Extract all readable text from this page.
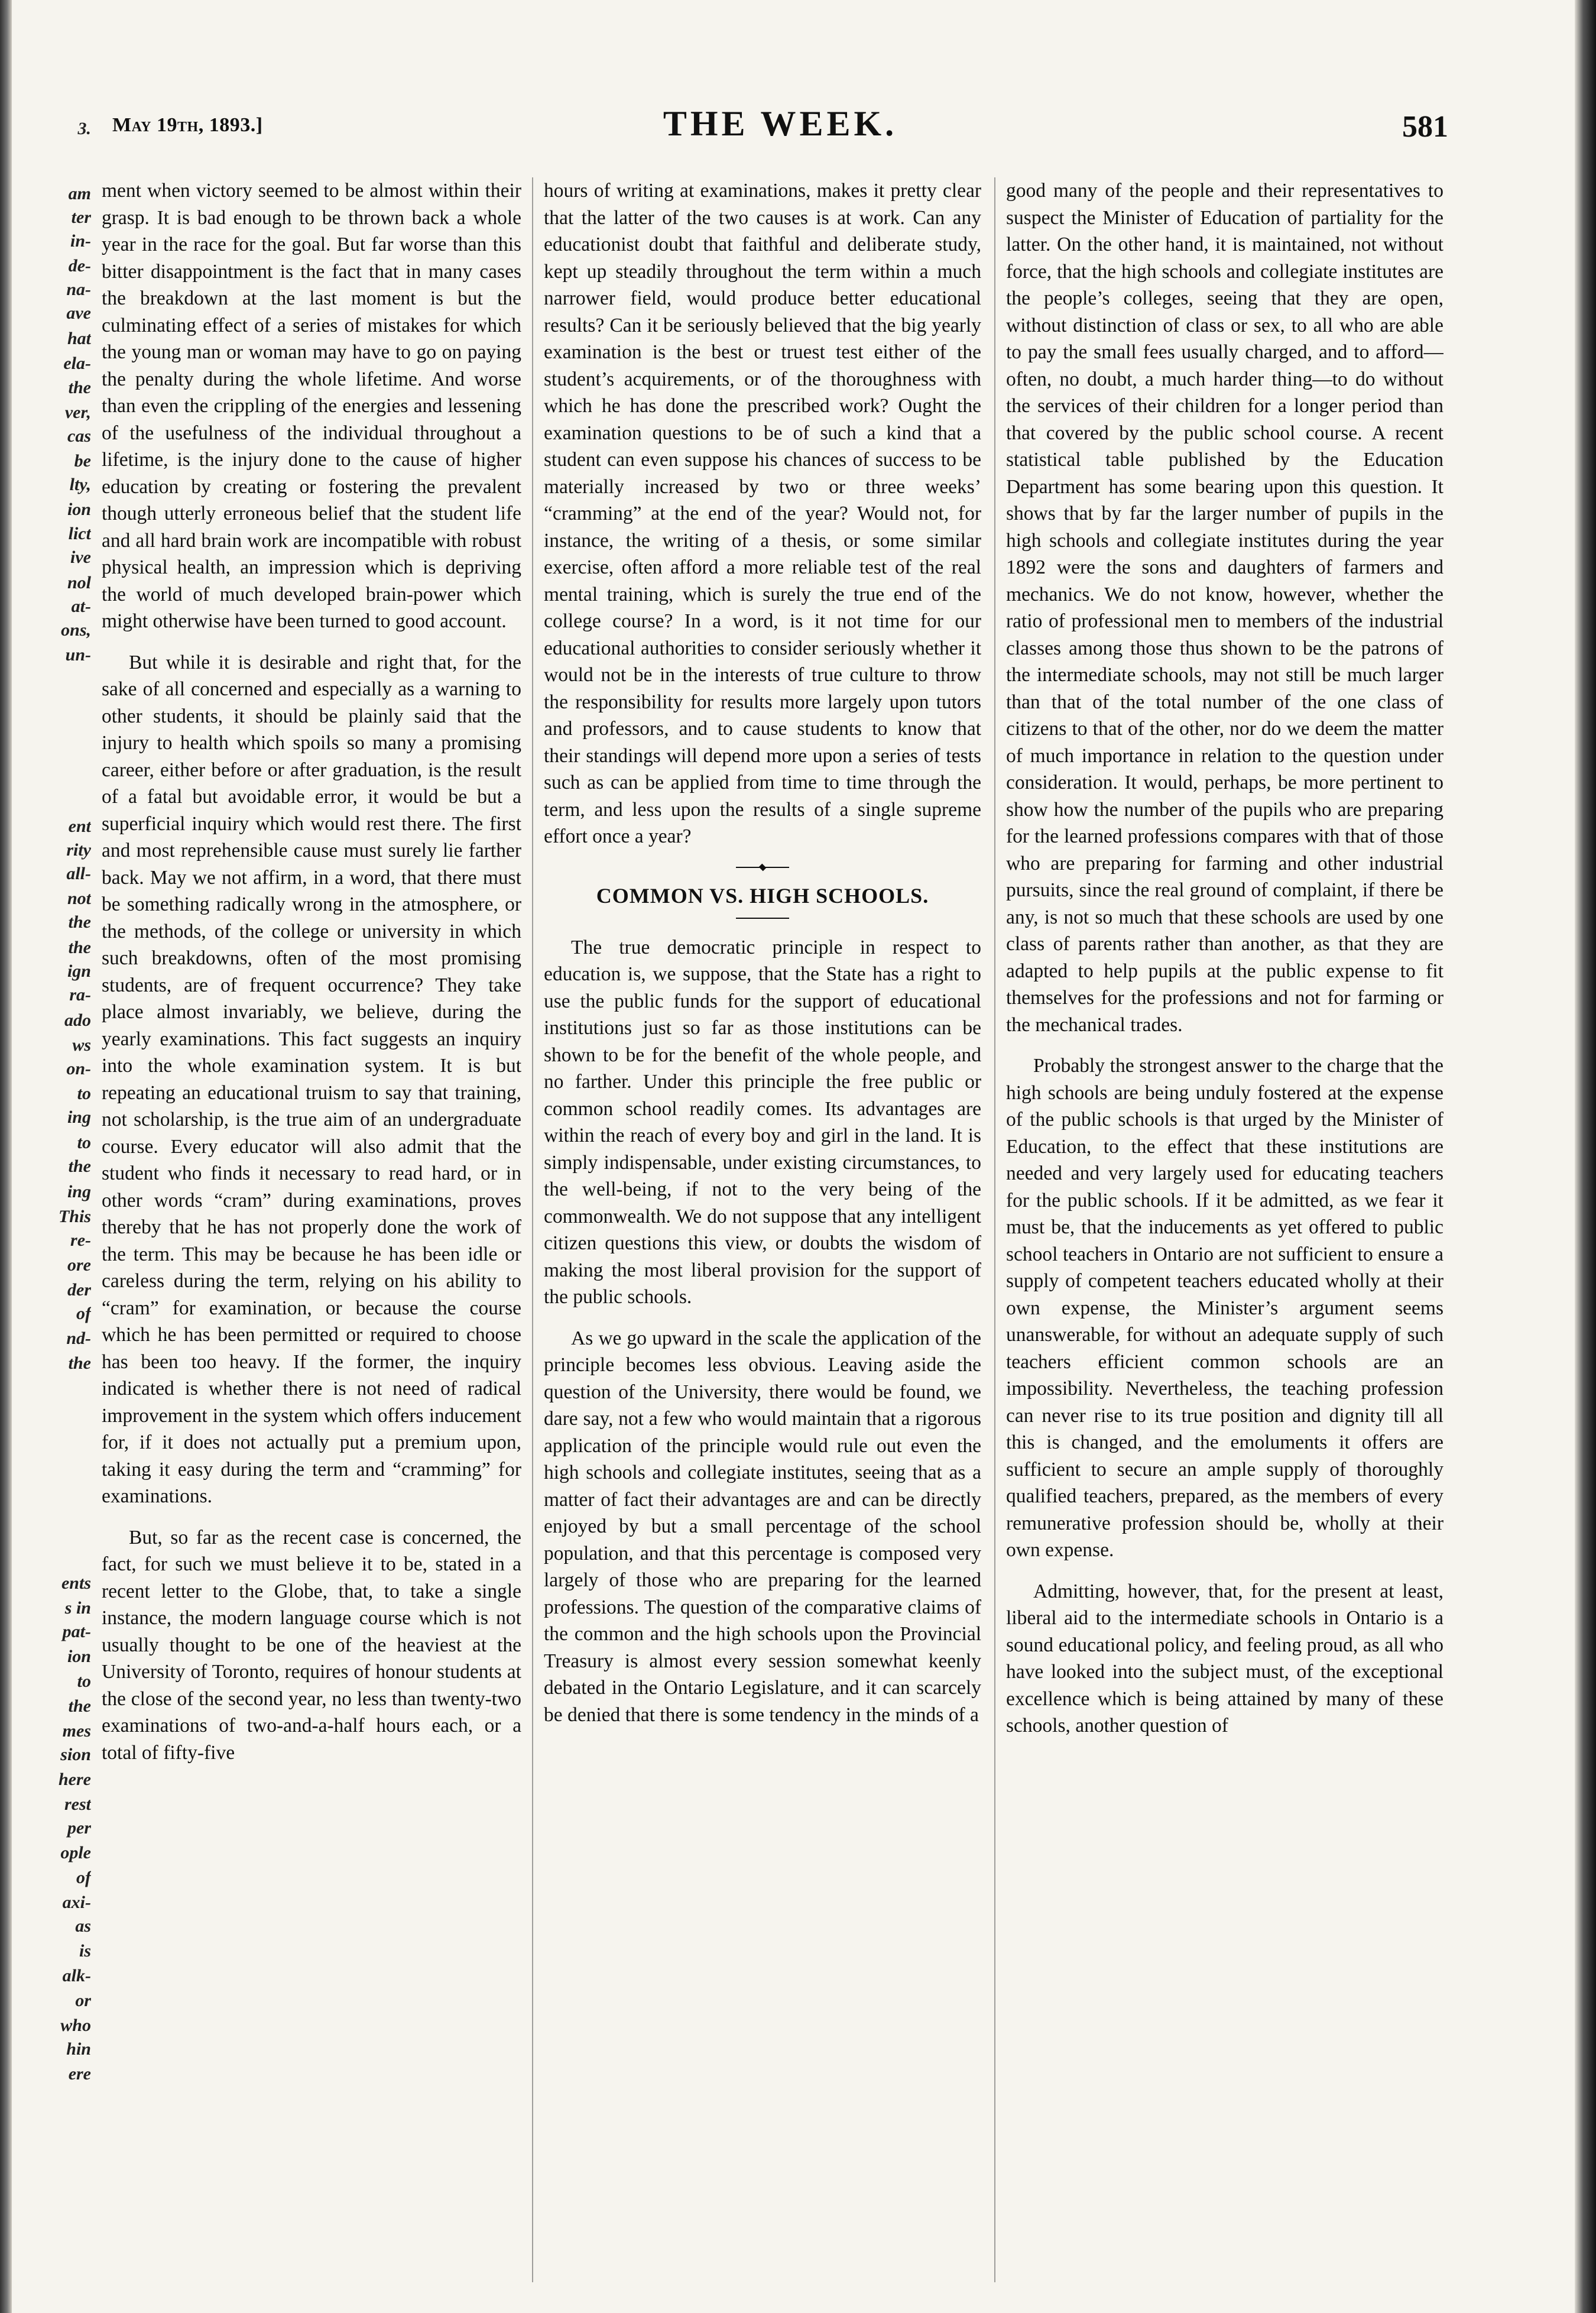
3.
am
ter
in-
de-
na-
ave
hat
ela-
the
ver,
cas
be
lty,
ion
lict
ive
nol
at-
ons,
un-
ent
rity
all-
not
the
the
ign
ra-
ado
ws
on-
to
ing
to
the
ing
This
re-
ore
der
of
nd-
the
ents
s in
pat-
ion
to
the
mes
sion
here
rest
per
ople
of
axi-
as
is
alk-
or
who
hin
ere
May 19th, 1893.]	THE WEEK.	581

ment when victory seemed to be almost within their grasp. It is bad enough to be thrown back a whole year in the race for the goal. But far worse than this bitter disappointment is the fact that in many cases the breakdown at the last moment is but the culminating effect of a series of mistakes for which the young man or woman may have to go on paying the penalty during the whole lifetime. And worse than even the crippling of the energies and lessening of the usefulness of the individual throughout a lifetime, is the injury done to the cause of higher education by creating or fostering the prevalent though utterly erroneous belief that the student life and all hard brain work are incompatible with robust physical health, an impression which is depriving the world of much developed brain-power which might otherwise have been turned to good account.

But while it is desirable and right that, for the sake of all concerned and especially as a warning to other students, it should be plainly said that the injury to health which spoils so many a promising career, either before or after graduation, is the result of a fatal but avoidable error, it would be but a superficial inquiry which would rest there. The first and most reprehensible cause must surely lie farther back. May we not affirm, in a word, that there must be something radically wrong in the atmosphere, or the methods, of the college or university in which such breakdowns, often of the most promising students, are of frequent occurrence? They take place almost invariably, we believe, during the yearly examinations. This fact suggests an inquiry into the whole examination system. It is but repeating an educational truism to say that training, not scholarship, is the true aim of an undergraduate course. Every educator will also admit that the student who finds it necessary to read hard, or in other words “cram” during examinations, proves thereby that he has not properly done the work of the term. This may be because he has been idle or careless during the term, relying on his ability to “cram” for examination, or because the course which he has been permitted or required to choose has been too heavy. If the former, the inquiry indicated is whether there is not need of radical improvement in the system which offers inducement for, if it does not actually put a premium upon, taking it easy during the term and “cramming” for examinations.

But, so far as the recent case is concerned, the fact, for such we must believe it to be, stated in a recent letter to the Globe, that, to take a single instance, the modern language course which is not usually thought to be one of the heaviest at the University of Toronto, requires of honour students at the close of the second year, no less than twenty-two examinations of two-and-a-half hours each, or a total of fifty-five

hours of writing at examinations, makes it pretty clear that the latter of the two causes is at work. Can any educationist doubt that faithful and deliberate study, kept up steadily throughout the term within a much narrower field, would produce better educational results? Can it be seriously believed that the big yearly examination is the best or truest test either of the student’s acquirements, or of the thoroughness with which he has done the prescribed work? Ought the examination questions to be of such a kind that a student can even suppose his chances of success to be materially increased by two or three weeks’ “cramming” at the end of the year? Would not, for instance, the writing of a thesis, or some similar exercise, often afford a more reliable test of the real mental training, which is surely the true end of the college course? In a word, is it not time for our educational authorities to consider seriously whether it would not be in the interests of true culture to throw the responsibility for results more largely upon tutors and professors, and to cause students to know that their standings will depend more upon a series of tests such as can be applied from time to time through the term, and less upon the results of a single supreme effort once a year?

COMMON VS. HIGH SCHOOLS.

The true democratic principle in respect to education is, we suppose, that the State has a right to use the public funds for the support of educational institutions just so far as those institutions can be shown to be for the benefit of the whole people, and no farther. Under this principle the free public or common school readily comes. Its advantages are within the reach of every boy and girl in the land. It is simply indispensable, under existing circumstances, to the well-being, if not to the very being of the commonwealth. We do not suppose that any intelligent citizen questions this view, or doubts the wisdom of making the most liberal provision for the support of the public schools.

As we go upward in the scale the application of the principle becomes less obvious. Leaving aside the question of the University, there would be found, we dare say, not a few who would maintain that a rigorous application of the principle would rule out even the high schools and collegiate institutes, seeing that as a matter of fact their advantages are and can be directly enjoyed by but a small percentage of the school population, and that this percentage is composed very largely of those who are preparing for the learned professions. The question of the comparative claims of the common and the high schools upon the Provincial Treasury is almost every session somewhat keenly debated in the Ontario Legislature, and it can scarcely be denied that there is some tendency in the minds of a

good many of the people and their representatives to suspect the Minister of Education of partiality for the latter. On the other hand, it is maintained, not without force, that the high schools and collegiate institutes are the people’s colleges, seeing that they are open, without distinction of class or sex, to all who are able to pay the small fees usually charged, and to afford—often, no doubt, a much harder thing—to do without the services of their children for a longer period than that covered by the public school course. A recent statistical table published by the Education Department has some bearing upon this question. It shows that by far the larger number of pupils in the high schools and collegiate institutes during the year 1892 were the sons and daughters of farmers and mechanics. We do not know, however, whether the ratio of professional men to members of the industrial classes among those thus shown to be the patrons of the intermediate schools, may not still be much larger than that of the total number of the one class of citizens to that of the other, nor do we deem the matter of much importance in relation to the question under consideration. It would, perhaps, be more pertinent to show how the number of the pupils who are preparing for the learned professions compares with that of those who are preparing for farming and other industrial pursuits, since the real ground of complaint, if there be any, is not so much that these schools are used by one class of parents rather than another, as that they are adapted to help pupils at the public expense to fit themselves for the professions and not for farming or the mechanical trades.

Probably the strongest answer to the charge that the high schools are being unduly fostered at the expense of the public schools is that urged by the Minister of Education, to the effect that these institutions are needed and very largely used for educating teachers for the public schools. If it be admitted, as we fear it must be, that the inducements as yet offered to public school teachers in Ontario are not sufficient to ensure a supply of competent teachers educated wholly at their own expense, the Minister’s argument seems unanswerable, for without an adequate supply of such teachers efficient common schools are an impossibility. Nevertheless, the teaching profession can never rise to its true position and dignity till all this is changed, and the emoluments it offers are sufficient to secure an ample supply of thoroughly qualified teachers, prepared, as the members of every remunerative profession should be, wholly at their own expense.

Admitting, however, that, for the present at least, liberal aid to the intermediate schools in Ontario is a sound educational policy, and feeling proud, as all who have looked into the subject must, of the exceptional excellence which is being attained by many of these schools, another question of
